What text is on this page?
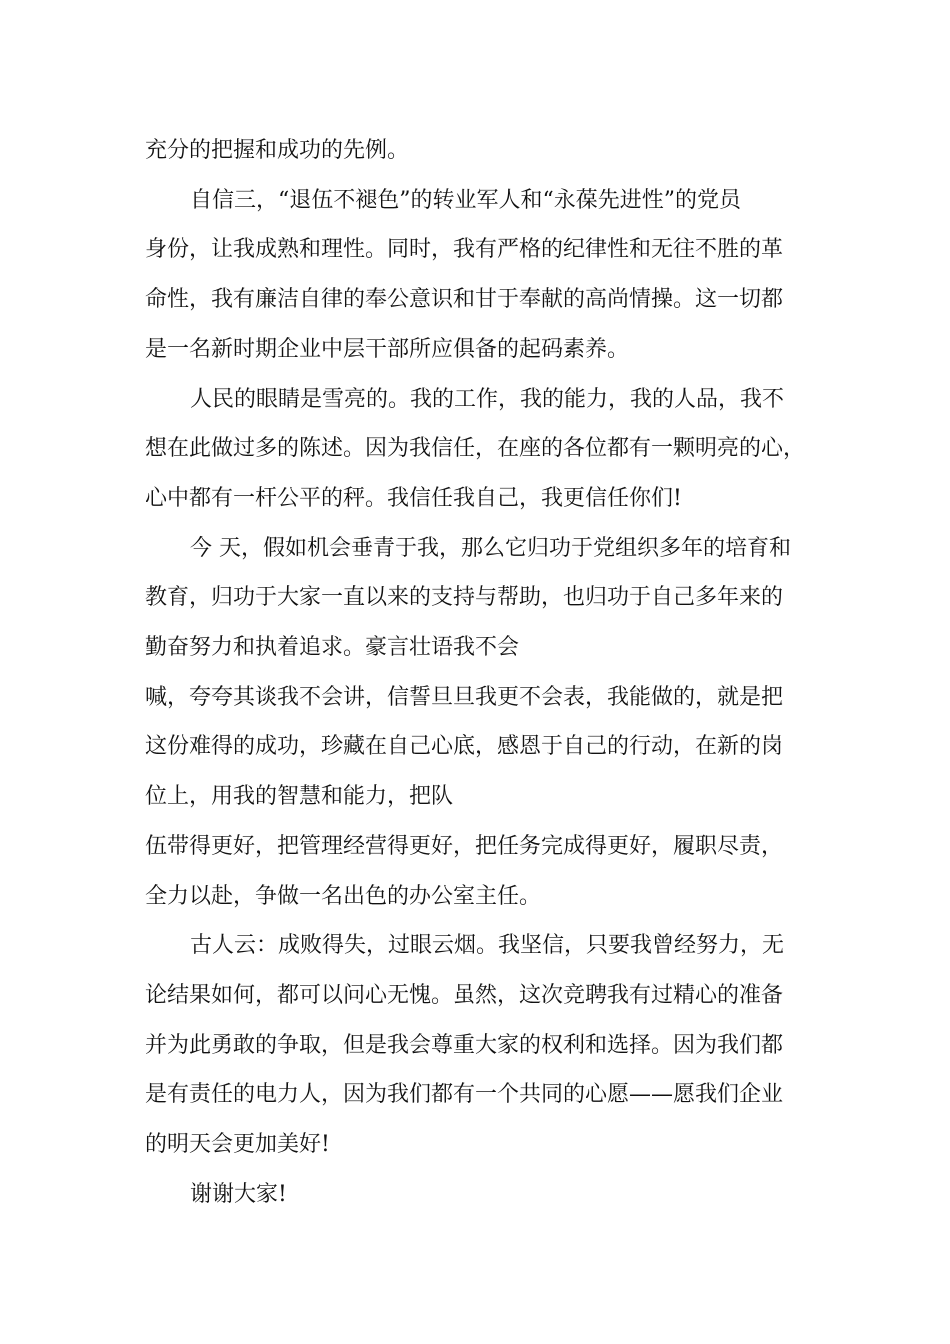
充分的把握和成功的先例。
自信三，“退伍不褪色”的转业军人和“永葆先进性”的党员
身份，让我成熟和理性。同时，我有严格的纪律性和无往不胜的革
命性，我有廉洁自律的奉公意识和甘于奉献的高尚情操。这一切都
是一名新时期企业中层干部所应俱备的起码素养。
人民的眼睛是雪亮的。我的工作，我的能力，我的人品，我不
想在此做过多的陈述。因为我信任，在座的各位都有一颗明亮的心，
心中都有一杆公平的秤。我信任我自己，我更信任你们!
今 天，假如机会垂青于我，那么它归功于党组织多年的培育和
教育，归功于大家一直以来的支持与帮助，也归功于自己多年来的
勤奋努力和执着追求。豪言壮语我不会
喊，夸夸其谈我不会讲，信誓旦旦我更不会表，我能做的，就是把
这份难得的成功，珍藏在自己心底，感恩于自己的行动，在新的岗
位上，用我的智慧和能力，把队
伍带得更好，把管理经营得更好，把任务完成得更好，履职尽责，
全力以赴，争做一名出色的办公室主任。
古人云：成败得失，过眼云烟。我坚信，只要我曾经努力，无
论结果如何，都可以问心无愧。虽然，这次竞聘我有过精心的准备
并为此勇敢的争取，但是我会尊重大家的权利和选择。因为我们都
是有责任的电力人，因为我们都有一个共同的心愿——愿我们企业
的明天会更加美好!
谢谢大家!
